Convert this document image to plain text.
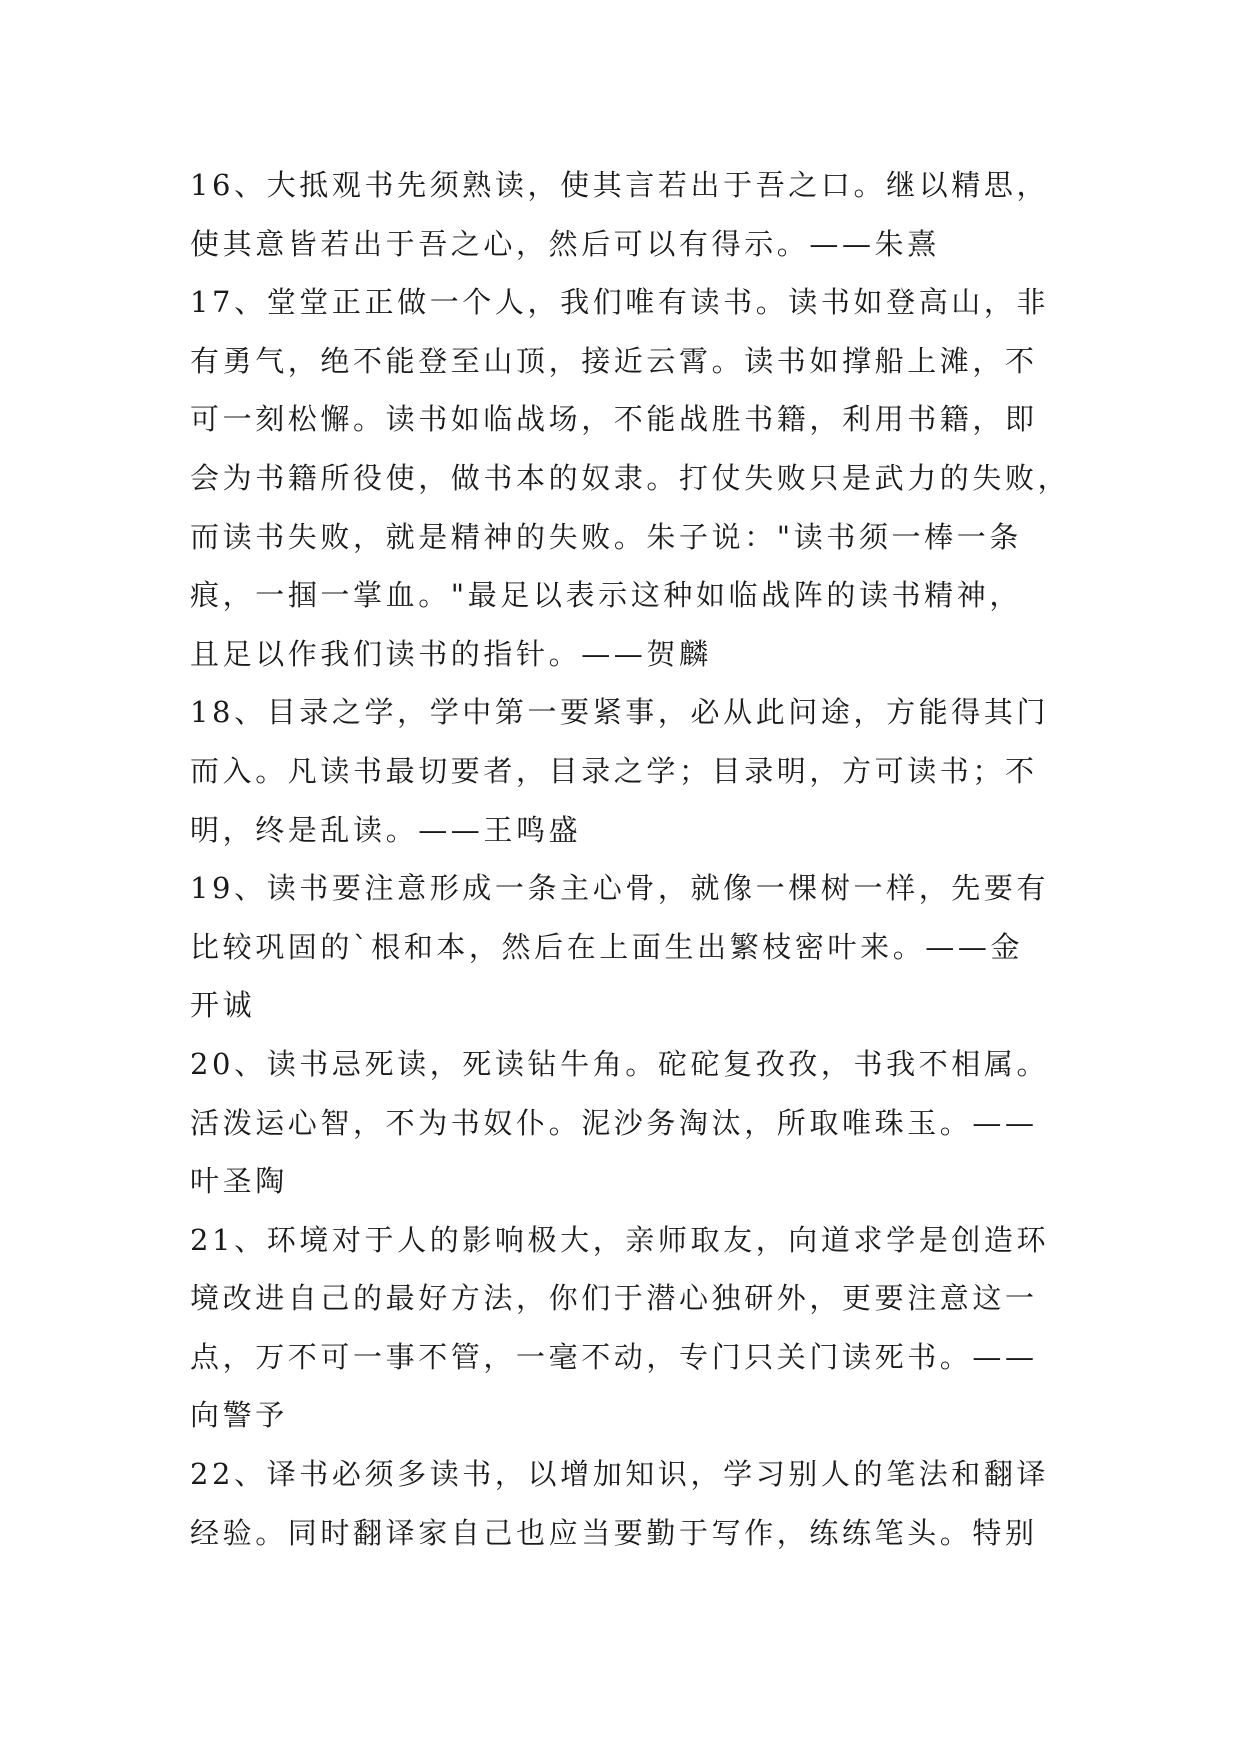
16、大抵观书先须熟读，使其言若出于吾之口。继以精思，
使其意皆若出于吾之心，然后可以有得示。——朱熹
17、堂堂正正做一个人，我们唯有读书。读书如登高山，非
有勇气，绝不能登至山顶，接近云霄。读书如撑船上滩，不
可一刻松懈。读书如临战场，不能战胜书籍，利用书籍，即
会为书籍所役使，做书本的奴隶。打仗失败只是武力的失败，
而读书失败，就是精神的失败。朱子说："读书须一棒一条
痕，一掴一掌血。"最足以表示这种如临战阵的读书精神，
且足以作我们读书的指针。——贺麟
18、目录之学，学中第一要紧事，必从此问途，方能得其门
而入。凡读书最切要者，目录之学；目录明，方可读书；不
明，终是乱读。——王鸣盛
19、读书要注意形成一条主心骨，就像一棵树一样，先要有
比较巩固的`根和本，然后在上面生出繁枝密叶来。——金
开诚
20、读书忌死读，死读钻牛角。砣砣复孜孜，书我不相属。
活泼运心智，不为书奴仆。泥沙务淘汰，所取唯珠玉。——
叶圣陶
21、环境对于人的影响极大，亲师取友，向道求学是创造环
境改进自己的最好方法，你们于潜心独研外，更要注意这一
点，万不可一事不管，一毫不动，专门只关门读死书。——
向警予
22、译书必须多读书，以增加知识，学习别人的笔法和翻译
经验。同时翻译家自己也应当要勤于写作，练练笔头。特别
